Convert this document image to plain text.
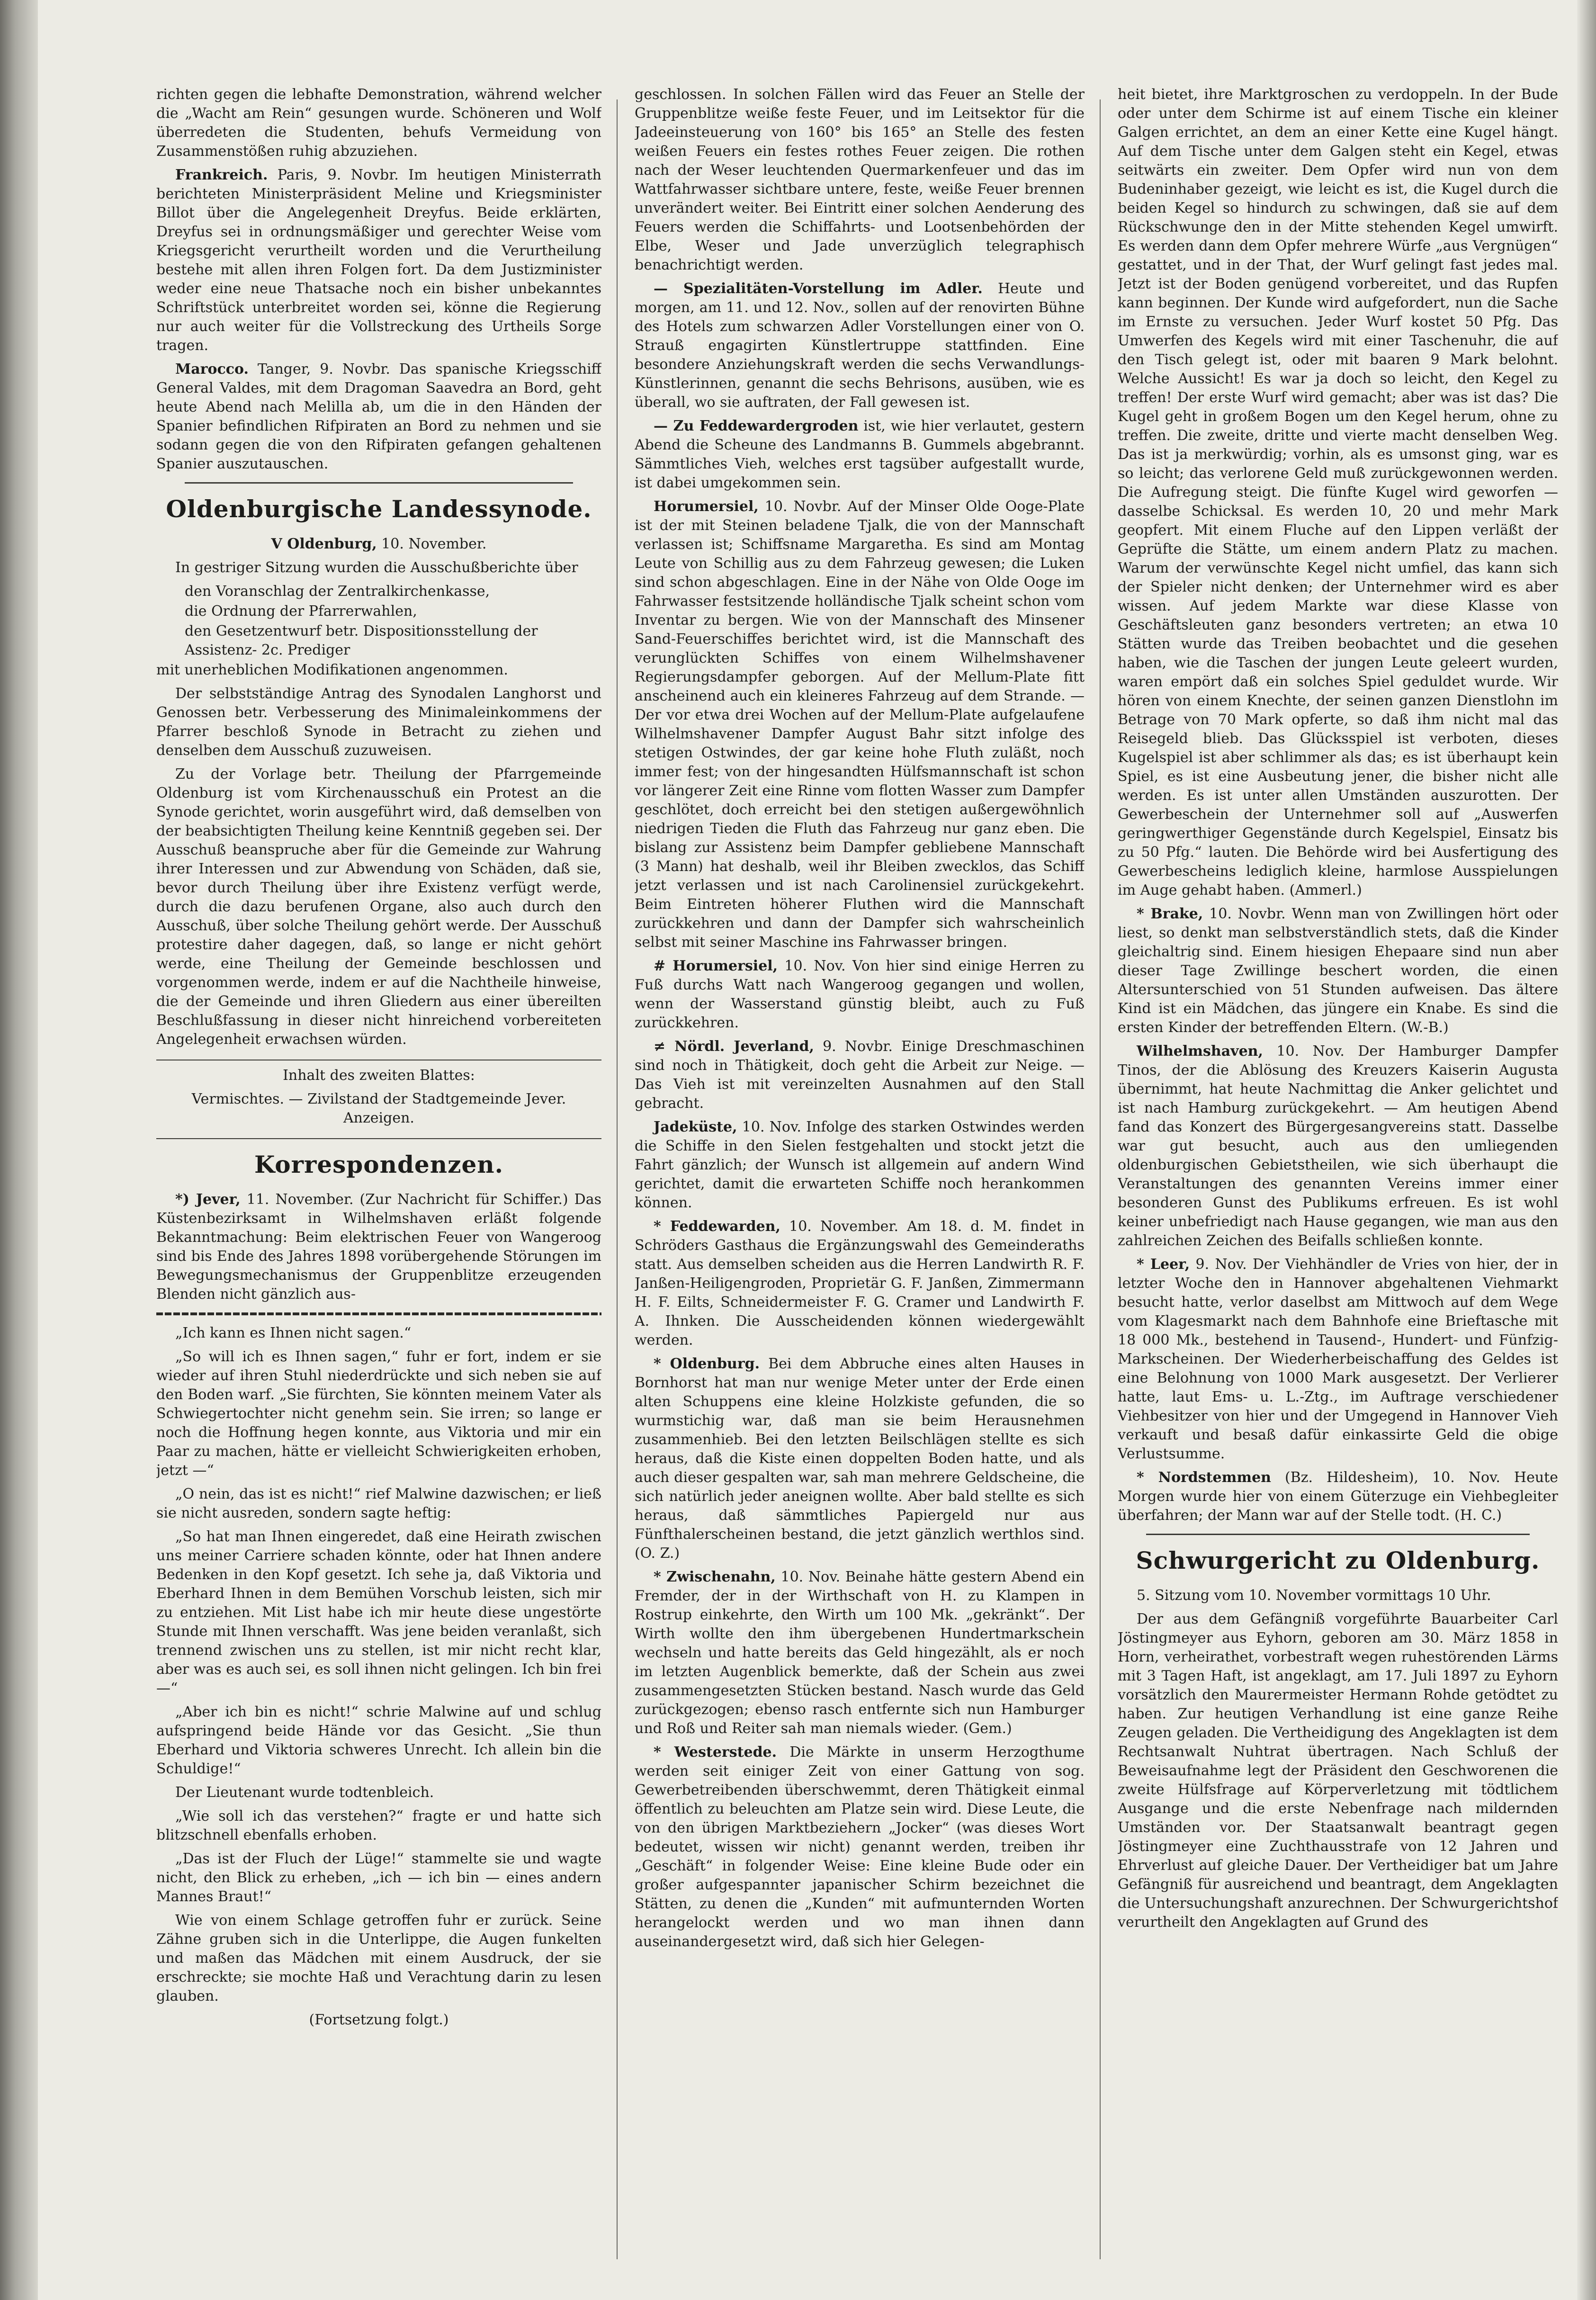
richten gegen die lebhafte Demonstration, während welcher die „Wacht am Rein“ gesungen wurde. Schöneren und Wolf überredeten die Studenten, behufs Vermeidung von Zusammenstößen ruhig abzuziehen.

Frankreich. Paris, 9. Novbr. Im heutigen Ministerrath berichteten Ministerpräsident Meline und Kriegsminister Billot über die Angelegenheit Dreyfus. Beide erklärten, Dreyfus sei in ordnungsmäßiger und gerechter Weise vom Kriegsgericht verurtheilt worden und die Verurtheilung bestehe mit allen ihren Folgen fort. Da dem Justizminister weder eine neue Thatsache noch ein bisher unbekanntes Schriftstück unterbreitet worden sei, könne die Regierung nur auch weiter für die Vollstreckung des Urtheils Sorge tragen.

Marocco. Tanger, 9. Novbr. Das spanische Kriegsschiff General Valdes, mit dem Dragoman Saavedra an Bord, geht heute Abend nach Melilla ab, um die in den Händen der Spanier befindlichen Rifpiraten an Bord zu nehmen und sie sodann gegen die von den Rifpiraten gefangen gehaltenen Spanier auszutauschen.

Oldenburgische Landessynode.

V Oldenburg, 10. November.

In gestriger Sitzung wurden die Ausschußberichte über

den Voranschlag der Zentralkirchenkasse,

die Ordnung der Pfarrerwahlen,

den Gesetzentwurf betr. Dispositionsstellung der Assistenz- 2c. Prediger

mit unerheblichen Modifikationen angenommen.

Der selbstständige Antrag des Synodalen Langhorst und Genossen betr. Verbesserung des Minimaleinkommens der Pfarrer beschloß Synode in Betracht zu ziehen und denselben dem Ausschuß zuzuweisen.

Zu der Vorlage betr. Theilung der Pfarrgemeinde Oldenburg ist vom Kirchenausschuß ein Protest an die Synode gerichtet, worin ausgeführt wird, daß demselben von der beabsichtigten Theilung keine Kenntniß gegeben sei. Der Ausschuß beanspruche aber für die Gemeinde zur Wahrung ihrer Interessen und zur Abwendung von Schäden, daß sie, bevor durch Theilung über ihre Existenz verfügt werde, durch die dazu berufenen Organe, also auch durch den Ausschuß, über solche Theilung gehört werde. Der Ausschuß protestire daher dagegen, daß, so lange er nicht gehört werde, eine Theilung der Gemeinde beschlossen und vorgenommen werde, indem er auf die Nachtheile hinweise, die der Gemeinde und ihren Gliedern aus einer übereilten Beschlußfassung in dieser nicht hinreichend vorbereiteten Angelegenheit erwachsen würden.

Inhalt des zweiten Blattes:

Vermischtes. — Zivilstand der Stadtgemeinde Jever. Anzeigen.

Korrespondenzen.

*) Jever, 11. November. (Zur Nachricht für Schiffer.) Das Küstenbezirksamt in Wilhelmshaven erläßt folgende Bekanntmachung: Beim elektrischen Feuer von Wangeroog sind bis Ende des Jahres 1898 vorübergehende Störungen im Bewegungsmechanismus der Gruppenblitze erzeugenden Blenden nicht gänzlich aus-

„Ich kann es Ihnen nicht sagen.“

„So will ich es Ihnen sagen,“ fuhr er fort, indem er sie wieder auf ihren Stuhl niederdrückte und sich neben sie auf den Boden warf. „Sie fürchten, Sie könnten meinem Vater als Schwiegertochter nicht genehm sein. Sie irren; so lange er noch die Hoffnung hegen konnte, aus Viktoria und mir ein Paar zu machen, hätte er vielleicht Schwierigkeiten erhoben, jetzt —“

„O nein, das ist es nicht!“ rief Malwine dazwischen; er ließ sie nicht ausreden, sondern sagte heftig:

„So hat man Ihnen eingeredet, daß eine Heirath zwischen uns meiner Carriere schaden könnte, oder hat Ihnen andere Bedenken in den Kopf gesetzt. Ich sehe ja, daß Viktoria und Eberhard Ihnen in dem Bemühen Vorschub leisten, sich mir zu entziehen. Mit List habe ich mir heute diese ungestörte Stunde mit Ihnen verschafft. Was jene beiden veranlaßt, sich trennend zwischen uns zu stellen, ist mir nicht recht klar, aber was es auch sei, es soll ihnen nicht gelingen. Ich bin frei —“

„Aber ich bin es nicht!“ schrie Malwine auf und schlug aufspringend beide Hände vor das Gesicht. „Sie thun Eberhard und Viktoria schweres Unrecht. Ich allein bin die Schuldige!“

Der Lieutenant wurde todtenbleich.

„Wie soll ich das verstehen?“ fragte er und hatte sich blitzschnell ebenfalls erhoben.

„Das ist der Fluch der Lüge!“ stammelte sie und wagte nicht, den Blick zu erheben, „ich — ich bin — eines andern Mannes Braut!“

Wie von einem Schlage getroffen fuhr er zurück. Seine Zähne gruben sich in die Unterlippe, die Augen funkelten und maßen das Mädchen mit einem Ausdruck, der sie erschreckte; sie mochte Haß und Verachtung darin zu lesen glauben.

(Fortsetzung folgt.)

geschlossen. In solchen Fällen wird das Feuer an Stelle der Gruppenblitze weiße feste Feuer, und im Leitsektor für die Jadeeinsteuerung von 160° bis 165° an Stelle des festen weißen Feuers ein festes rothes Feuer zeigen. Die rothen nach der Weser leuchtenden Quermarkenfeuer und das im Wattfahrwasser sichtbare untere, feste, weiße Feuer brennen unverändert weiter. Bei Eintritt einer solchen Aenderung des Feuers werden die Schiffahrts- und Lootsenbehörden der Elbe, Weser und Jade unverzüglich telegraphisch benachrichtigt werden.

— Spezialitäten-Vorstellung im Adler. Heute und morgen, am 11. und 12. Nov., sollen auf der renovirten Bühne des Hotels zum schwarzen Adler Vorstellungen einer von O. Strauß engagirten Künstlertruppe stattfinden. Eine besondere Anziehungskraft werden die sechs Verwandlungs-Künstlerinnen, genannt die sechs Behrisons, ausüben, wie es überall, wo sie auftraten, der Fall gewesen ist.

— Zu Feddewardergroden ist, wie hier verlautet, gestern Abend die Scheune des Landmanns B. Gummels abgebrannt. Sämmtliches Vieh, welches erst tagsüber aufgestallt wurde, ist dabei umgekommen sein.

Horumersiel, 10. Novbr. Auf der Minser Olde Ooge-Plate ist der mit Steinen beladene Tjalk, die von der Mannschaft verlassen ist; Schiffsname Margaretha. Es sind am Montag Leute von Schillig aus zu dem Fahrzeug gewesen; die Luken sind schon abgeschlagen. Eine in der Nähe von Olde Ooge im Fahrwasser festsitzende holländische Tjalk scheint schon vom Inventar zu bergen. Wie von der Mannschaft des Minsener Sand-Feuerschiffes berichtet wird, ist die Mannschaft des verunglückten Schiffes von einem Wilhelmshavener Regierungsdampfer geborgen. Auf der Mellum-Plate fitt anscheinend auch ein kleineres Fahrzeug auf dem Strande. — Der vor etwa drei Wochen auf der Mellum-Plate aufgelaufene Wilhelmshavener Dampfer August Bahr sitzt infolge des stetigen Ostwindes, der gar keine hohe Fluth zuläßt, noch immer fest; von der hingesandten Hülfsmannschaft ist schon vor längerer Zeit eine Rinne vom flotten Wasser zum Dampfer geschlötet, doch erreicht bei den stetigen außergewöhnlich niedrigen Tieden die Fluth das Fahrzeug nur ganz eben. Die bislang zur Assistenz beim Dampfer gebliebene Mannschaft (3 Mann) hat deshalb, weil ihr Bleiben zwecklos, das Schiff jetzt verlassen und ist nach Carolinensiel zurückgekehrt. Beim Eintreten höherer Fluthen wird die Mannschaft zurückkehren und dann der Dampfer sich wahrscheinlich selbst mit seiner Maschine ins Fahrwasser bringen.

# Horumersiel, 10. Nov. Von hier sind einige Herren zu Fuß durchs Watt nach Wangeroog gegangen und wollen, wenn der Wasserstand günstig bleibt, auch zu Fuß zurückkehren.

≠ Nördl. Jeverland, 9. Novbr. Einige Dreschmaschinen sind noch in Thätigkeit, doch geht die Arbeit zur Neige. — Das Vieh ist mit vereinzelten Ausnahmen auf den Stall gebracht.

Jadeküste, 10. Nov. Infolge des starken Ostwindes werden die Schiffe in den Sielen festgehalten und stockt jetzt die Fahrt gänzlich; der Wunsch ist allgemein auf andern Wind gerichtet, damit die erwarteten Schiffe noch herankommen können.

* Feddewarden, 10. November. Am 18. d. M. findet in Schröders Gasthaus die Ergänzungswahl des Gemeinderaths statt. Aus demselben scheiden aus die Herren Landwirth R. F. Janßen-Heiligengroden, Proprietär G. F. Janßen, Zimmermann H. F. Eilts, Schneidermeister F. G. Cramer und Landwirth F. A. Ihnken. Die Ausscheidenden können wiedergewählt werden.

* Oldenburg. Bei dem Abbruche eines alten Hauses in Bornhorst hat man nur wenige Meter unter der Erde einen alten Schuppens eine kleine Holzkiste gefunden, die so wurmstichig war, daß man sie beim Herausnehmen zusammenhieb. Bei den letzten Beilschlägen stellte es sich heraus, daß die Kiste einen doppelten Boden hatte, und als auch dieser gespalten war, sah man mehrere Geldscheine, die sich natürlich jeder aneignen wollte. Aber bald stellte es sich heraus, daß sämmtliches Papiergeld nur aus Fünfthalerscheinen bestand, die jetzt gänzlich werthlos sind. (O. Z.)

* Zwischenahn, 10. Nov. Beinahe hätte gestern Abend ein Fremder, der in der Wirthschaft von H. zu Klampen in Rostrup einkehrte, den Wirth um 100 Mk. „gekränkt“. Der Wirth wollte den ihm übergebenen Hundertmarkschein wechseln und hatte bereits das Geld hingezählt, als er noch im letzten Augenblick bemerkte, daß der Schein aus zwei zusammengesetzten Stücken bestand. Nasch wurde das Geld zurückgezogen; ebenso rasch entfernte sich nun Hamburger und Roß und Reiter sah man niemals wieder. (Gem.)

* Westerstede. Die Märkte in unserm Herzogthume werden seit einiger Zeit von einer Gattung von sog. Gewerbetreibenden überschwemmt, deren Thätigkeit einmal öffentlich zu beleuchten am Platze sein wird. Diese Leute, die von den übrigen Marktbeziehern „Jocker“ (was dieses Wort bedeutet, wissen wir nicht) genannt werden, treiben ihr „Geschäft“ in folgender Weise: Eine kleine Bude oder ein großer aufgespannter japanischer Schirm bezeichnet die Stätten, zu denen die „Kunden“ mit aufmunternden Worten herangelockt werden und wo man ihnen dann auseinandergesetzt wird, daß sich hier Gelegen-

heit bietet, ihre Marktgroschen zu verdoppeln. In der Bude oder unter dem Schirme ist auf einem Tische ein kleiner Galgen errichtet, an dem an einer Kette eine Kugel hängt. Auf dem Tische unter dem Galgen steht ein Kegel, etwas seitwärts ein zweiter. Dem Opfer wird nun von dem Budeninhaber gezeigt, wie leicht es ist, die Kugel durch die beiden Kegel so hindurch zu schwingen, daß sie auf dem Rückschwunge den in der Mitte stehenden Kegel umwirft. Es werden dann dem Opfer mehrere Würfe „aus Vergnügen“ gestattet, und in der That, der Wurf gelingt fast jedes mal. Jetzt ist der Boden genügend vorbereitet, und das Rupfen kann beginnen. Der Kunde wird aufgefordert, nun die Sache im Ernste zu versuchen. Jeder Wurf kostet 50 Pfg. Das Umwerfen des Kegels wird mit einer Taschenuhr, die auf den Tisch gelegt ist, oder mit baaren 9 Mark belohnt. Welche Aussicht! Es war ja doch so leicht, den Kegel zu treffen! Der erste Wurf wird gemacht; aber was ist das? Die Kugel geht in großem Bogen um den Kegel herum, ohne zu treffen. Die zweite, dritte und vierte macht denselben Weg. Das ist ja merkwürdig; vorhin, als es umsonst ging, war es so leicht; das verlorene Geld muß zurückgewonnen werden. Die Aufregung steigt. Die fünfte Kugel wird geworfen — dasselbe Schicksal. Es werden 10, 20 und mehr Mark geopfert. Mit einem Fluche auf den Lippen verläßt der Geprüfte die Stätte, um einem andern Platz zu machen. Warum der verwünschte Kegel nicht umfiel, das kann sich der Spieler nicht denken; der Unternehmer wird es aber wissen. Auf jedem Markte war diese Klasse von Geschäftsleuten ganz besonders vertreten; an etwa 10 Stätten wurde das Treiben beobachtet und die gesehen haben, wie die Taschen der jungen Leute geleert wurden, waren empört daß ein solches Spiel geduldet wurde. Wir hören von einem Knechte, der seinen ganzen Dienstlohn im Betrage von 70 Mark opferte, so daß ihm nicht mal das Reisegeld blieb. Das Glücksspiel ist verboten, dieses Kugelspiel ist aber schlimmer als das; es ist überhaupt kein Spiel, es ist eine Ausbeutung jener, die bisher nicht alle werden. Es ist unter allen Umständen auszurotten. Der Gewerbeschein der Unternehmer soll auf „Auswerfen geringwerthiger Gegenstände durch Kegelspiel, Einsatz bis zu 50 Pfg.“ lauten. Die Behörde wird bei Ausfertigung des Gewerbescheins lediglich kleine, harmlose Ausspielungen im Auge gehabt haben. (Ammerl.)

* Brake, 10. Novbr. Wenn man von Zwillingen hört oder liest, so denkt man selbstverständlich stets, daß die Kinder gleichaltrig sind. Einem hiesigen Ehepaare sind nun aber dieser Tage Zwillinge beschert worden, die einen Altersunterschied von 51 Stunden aufweisen. Das ältere Kind ist ein Mädchen, das jüngere ein Knabe. Es sind die ersten Kinder der betreffenden Eltern. (W.-B.)

Wilhelmshaven, 10. Nov. Der Hamburger Dampfer Tinos, der die Ablösung des Kreuzers Kaiserin Augusta übernimmt, hat heute Nachmittag die Anker gelichtet und ist nach Hamburg zurückgekehrt. — Am heutigen Abend fand das Konzert des Bürgergesangvereins statt. Dasselbe war gut besucht, auch aus den umliegenden oldenburgischen Gebietstheilen, wie sich überhaupt die Veranstaltungen des genannten Vereins immer einer besonderen Gunst des Publikums erfreuen. Es ist wohl keiner unbefriedigt nach Hause gegangen, wie man aus den zahlreichen Zeichen des Beifalls schließen konnte.

* Leer, 9. Nov. Der Viehhändler de Vries von hier, der in letzter Woche den in Hannover abgehaltenen Viehmarkt besucht hatte, verlor daselbst am Mittwoch auf dem Wege vom Klagesmarkt nach dem Bahnhofe eine Brieftasche mit 18 000 Mk., bestehend in Tausend-, Hundert- und Fünfzig-Markscheinen. Der Wiederherbeischaffung des Geldes ist eine Belohnung von 1000 Mark ausgesetzt. Der Verlierer hatte, laut Ems- u. L.-Ztg., im Auftrage verschiedener Viehbesitzer von hier und der Umgegend in Hannover Vieh verkauft und besaß dafür einkassirte Geld die obige Verlustsumme.

* Nordstemmen (Bz. Hildesheim), 10. Nov. Heute Morgen wurde hier von einem Güterzuge ein Viehbegleiter überfahren; der Mann war auf der Stelle todt. (H. C.)

Schwurgericht zu Oldenburg.

5. Sitzung vom 10. November vormittags 10 Uhr.

Der aus dem Gefängniß vorgeführte Bauarbeiter Carl Jöstingmeyer aus Eyhorn, geboren am 30. März 1858 in Horn, verheirathet, vorbestraft wegen ruhestörenden Lärms mit 3 Tagen Haft, ist angeklagt, am 17. Juli 1897 zu Eyhorn vorsätzlich den Maurermeister Hermann Rohde getödtet zu haben. Zur heutigen Verhandlung ist eine ganze Reihe Zeugen geladen. Die Vertheidigung des Angeklagten ist dem Rechtsanwalt Nuhtrat übertragen. Nach Schluß der Beweisaufnahme legt der Präsident den Geschworenen die zweite Hülfsfrage auf Körperverletzung mit tödtlichem Ausgange und die erste Nebenfrage nach mildernden Umständen vor. Der Staatsanwalt beantragt gegen Jöstingmeyer eine Zuchthausstrafe von 12 Jahren und Ehrverlust auf gleiche Dauer. Der Vertheidiger bat um Jahre Gefängniß für ausreichend und beantragt, dem Angeklagten die Untersuchungshaft anzurechnen. Der Schwurgerichtshof verurtheilt den Angeklagten auf Grund des
